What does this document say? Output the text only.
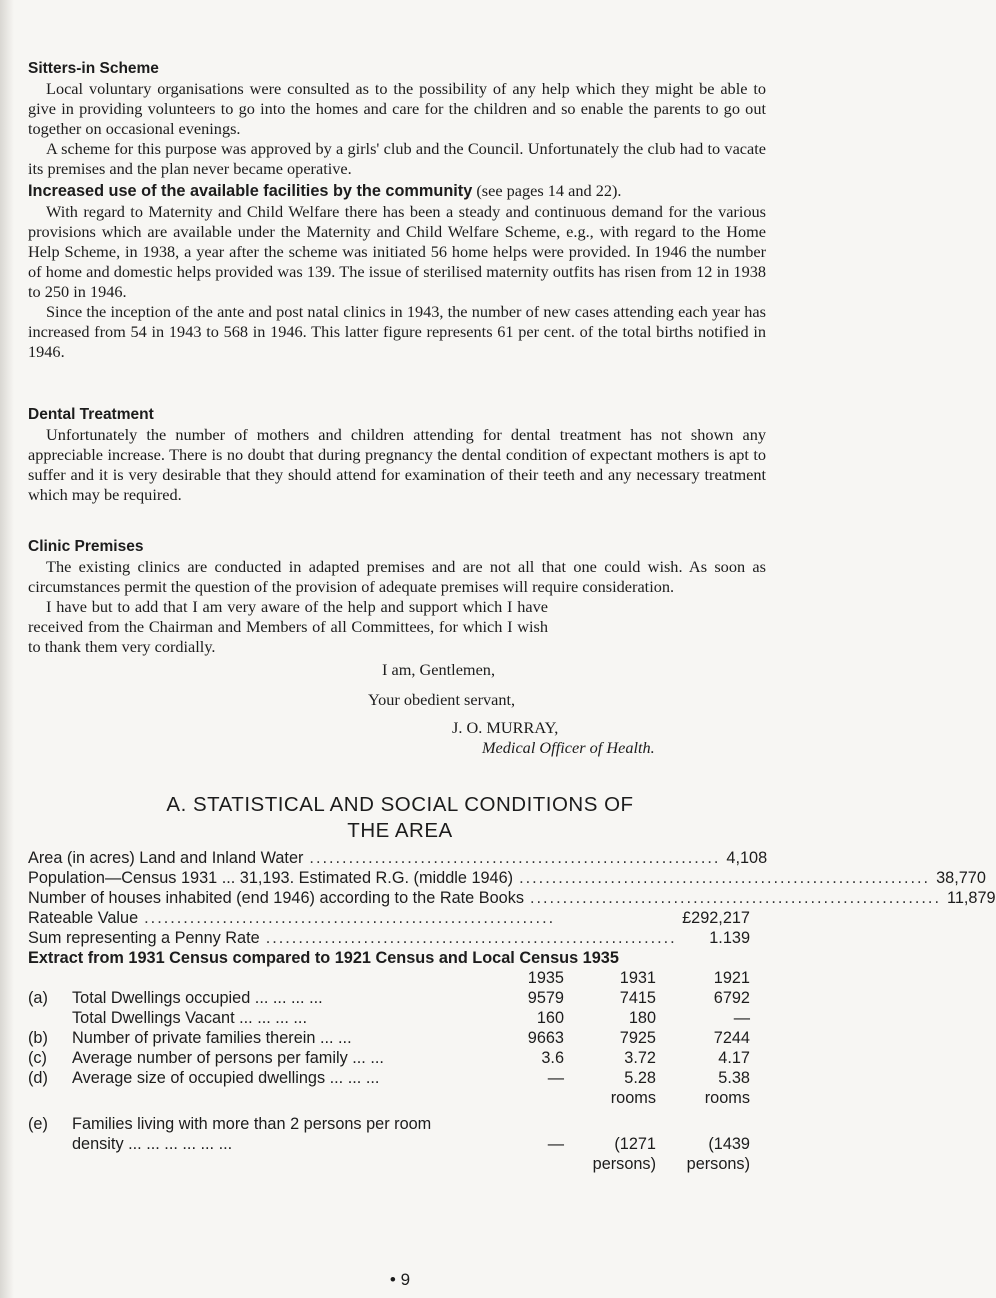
Sitters-in Scheme

Local voluntary organisations were consulted as to the possibility of any help which they might be able to give in providing volunteers to go into the homes and care for the children and so enable the parents to go out together on occasional evenings.

A scheme for this purpose was approved by a girls' club and the Council. Unfortunately the club had to vacate its premises and the plan never became operative.

Increased use of the available facilities by the community (see pages 14 and 22).

With regard to Maternity and Child Welfare there has been a steady and continuous demand for the various provisions which are available under the Maternity and Child Welfare Scheme, e.g., with regard to the Home Help Scheme, in 1938, a year after the scheme was initiated 56 home helps were provided. In 1946 the number of home and domestic helps provided was 139. The issue of sterilised maternity outfits has risen from 12 in 1938 to 250 in 1946.

Since the inception of the ante and post natal clinics in 1943, the number of new cases attending each year has increased from 54 in 1943 to 568 in 1946. This latter figure represents 61 per cent. of the total births notified in 1946.

Dental Treatment

Unfortunately the number of mothers and children attending for dental treatment has not shown any appreciable increase. There is no doubt that during pregnancy the dental condition of expectant mothers is apt to suffer and it is very desirable that they should attend for examination of their teeth and any necessary treatment which may be required.

Clinic Premises

The existing clinics are conducted in adapted premises and are not all that one could wish. As soon as circumstances permit the question of the provision of adequate premises will require consideration.

I have but to add that I am very aware of the help and support which I have received from the Chairman and Members of all Committees, for which I wish to thank them very cordially.

I am, Gentlemen,
Your obedient servant,
J. O. MURRAY,
Medical Officer of Health.
A. STATISTICAL AND SOCIAL CONDITIONS OF
THE AREA
Area (in acres) Land and Inland Water ............................................................... 4,108
Population—Census 1931 ... 31,193. Estimated R.G. (middle 1946) ............................................................... 38,770
Number of houses inhabited (end 1946) according to the Rate Books ............................................................... 11,879
Rateable Value ...............................................................	£292,217
Sum representing a Penny Rate ...............................................................	1.139
Extract from 1931 Census compared to 1921 Census and Local Census 1935
1935	1931	1921
(a)	Total Dwellings occupied ... ... ... ...	9579	7415	6792
Total Dwellings Vacant ... ... ... ...	160	180	—
(b)	Number of private families therein ... ...	9663	7925	7244
(c)	Average number of persons per family ... ...	3.6	3.72	4.17
(d)	Average size of occupied dwellings ... ... ...	—	5.28	5.38
rooms	rooms
(e)	Families living with more than 2 persons per room
density ... ... ... ... ... ...	—	(1271	(1439
persons) persons)
• 9
